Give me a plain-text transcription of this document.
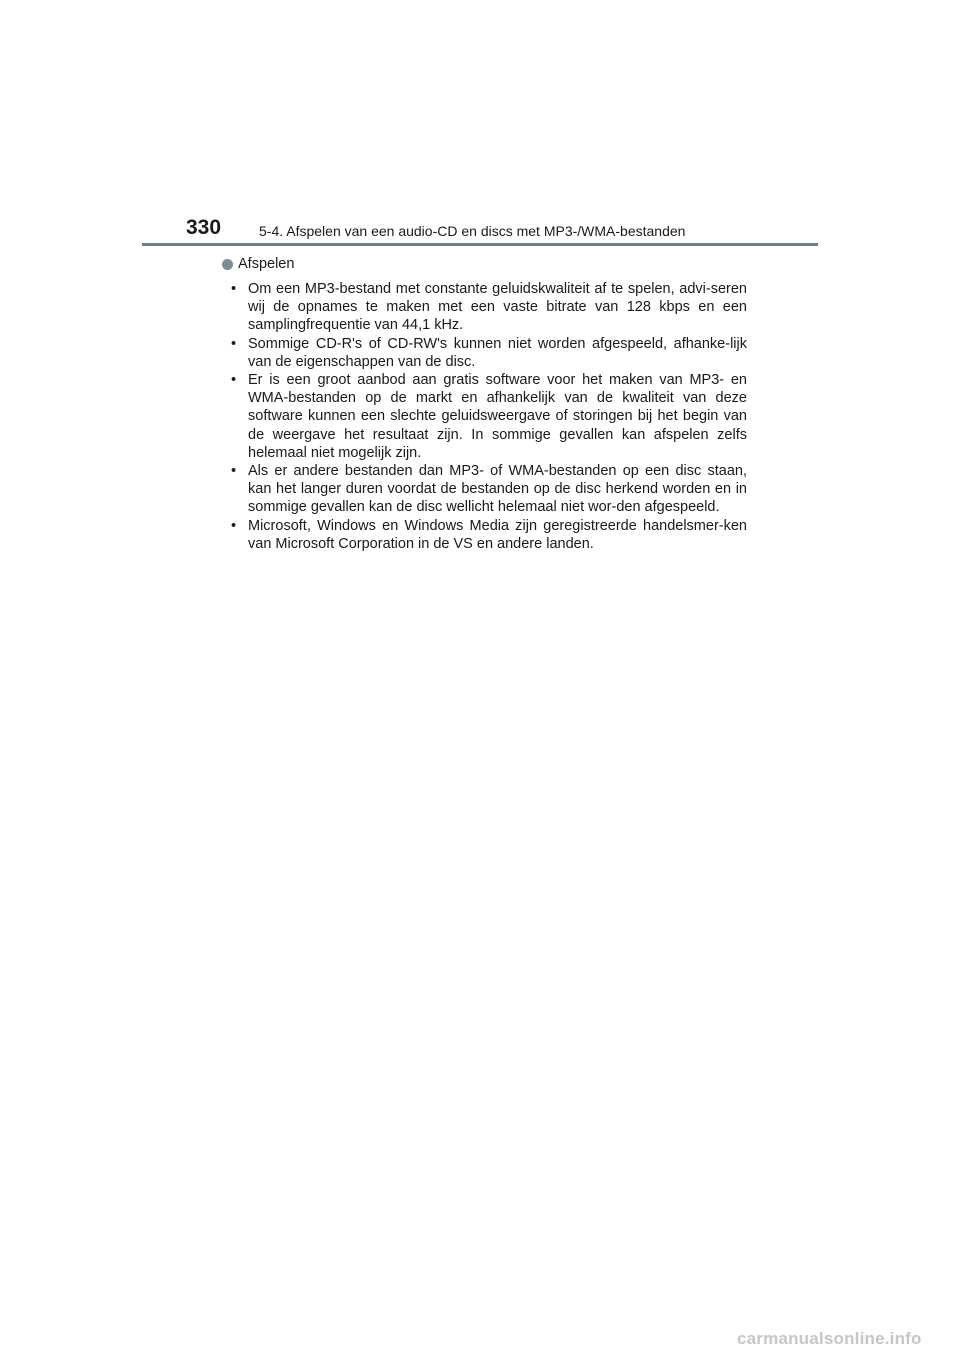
330	5-4. Afspelen van een audio-CD en discs met MP3-/WMA-bestanden
Afspelen
• Om een MP3-bestand met constante geluidskwaliteit af te spelen, advi-seren wij de opnames te maken met een vaste bitrate van 128 kbps en een samplingfrequentie van 44,1 kHz.
• Sommige CD-R's of CD-RW's kunnen niet worden afgespeeld, afhanke-lijk van de eigenschappen van de disc.
• Er is een groot aanbod aan gratis software voor het maken van MP3- en WMA-bestanden op de markt en afhankelijk van de kwaliteit van deze software kunnen een slechte geluidsweergave of storingen bij het begin van de weergave het resultaat zijn. In sommige gevallen kan afspelen zelfs helemaal niet mogelijk zijn.
• Als er andere bestanden dan MP3- of WMA-bestanden op een disc staan, kan het langer duren voordat de bestanden op de disc herkend worden en in sommige gevallen kan de disc wellicht helemaal niet wor-den afgespeeld.
• Microsoft, Windows en Windows Media zijn geregistreerde handelsmer-ken van Microsoft Corporation in de VS en andere landen.
carmanualsonline.info
